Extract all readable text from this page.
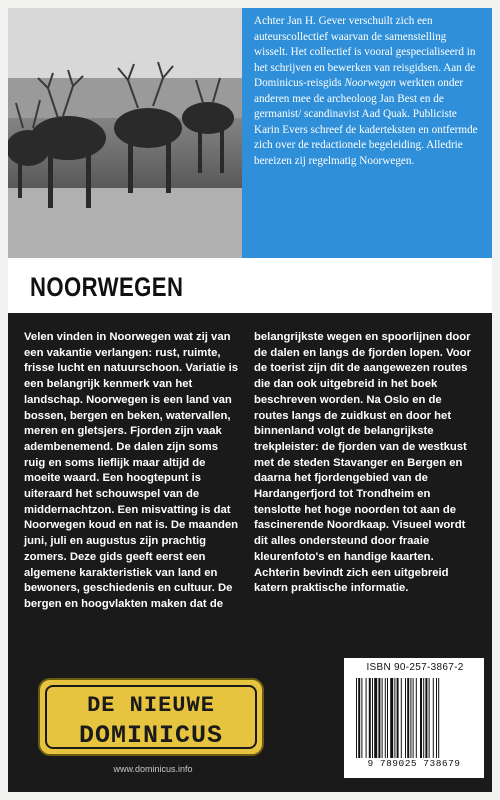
Achter Jan H. Gever verschuilt zich een auteurscollectief waarvan de samenstelling wisselt. Het collectief is vooral gespecialiseerd in het schrijven en bewerken van reisgidsen. Aan de Dominicus-reisgids Noorwegen werkten onder anderen mee de archeoloog Jan Best en de germanist/ scandinavist Aad Quak. Publiciste Karin Evers schreef de kaderteksten en ontfermde zich over de redactionele begeleiding. Alledrie bereizen zij regelmatig Noorwegen.
NOORWEGEN

Velen vinden in Noorwegen wat zij van een vakantie verlangen: rust, ruimte, frisse lucht en natuurschoon. Variatie is een belangrijk kenmerk van het landschap. Noorwegen is een land van bossen, bergen en beken, watervallen, meren en gletsjers. Fjorden zijn vaak adembenemend. De dalen zijn soms ruig en soms lieflijk maar altijd de moeite waard. Een hoogtepunt is uiteraard het schouwspel van de middernachtzon. Een misvatting is dat Noorwegen koud en nat is. De maanden juni, juli en augustus zijn prachtig zomers. Deze gids geeft eerst een algemene karakteristiek van land en bewoners, geschiedenis en cultuur. De bergen en hoogvlakten maken dat de

belangrijkste wegen en spoorlijnen door de dalen en langs de fjorden lopen. Voor de toerist zijn dit de aangewezen routes die dan ook uitgebreid in het boek beschreven worden. Na Oslo en de routes langs de zuidkust en door het binnenland volgt de belangrijkste trekpleister: de fjorden van de westkust met de steden Stavanger en Bergen en daarna het fjordengebied van de Hardangerfjord tot Trondheim en tenslotte het hoge noorden tot aan de fascinerende Noordkaap. Visueel wordt dit alles ondersteund door fraaie kleurenfoto's en handige kaarten.

Achterin bevindt zich een uitgebreid katern praktische informatie.

DE NIEUWE
DOMINICUS
www.dominicus.info
ISBN 90-257-3867-2
9 789025 738679
